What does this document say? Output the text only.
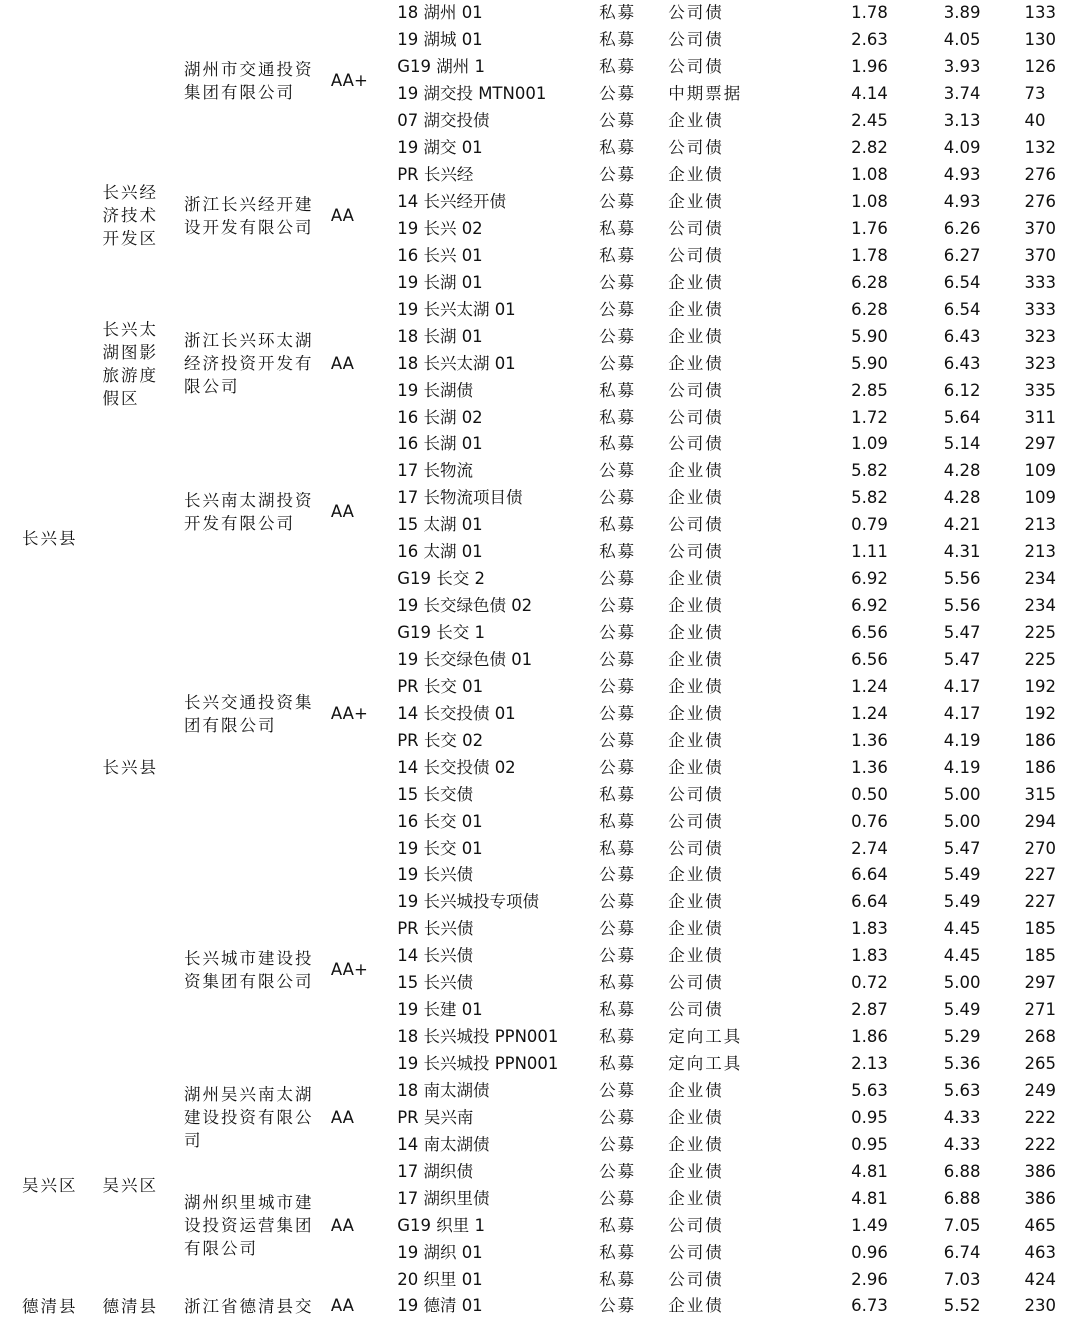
长兴县		湖州市交通投资集团有限公司	AA+	18 湖州 01	私募	公司债	1.78	3.89	133
				19 湖城 01	私募	公司债	2.63	4.05	130
				G19 湖州 1	私募	公司债	1.96	3.93	126
				19 湖交投 MTN001	公募	中期票据	4.14	3.74	73
				07 湖交投债	公募	企业债	2.45	3.13	40
				19 湖交 01	私募	公司债	2.82	4.09	132
	长兴经济技术开发区	浙江长兴经开建设开发有限公司	AA	PR 长兴经	公募	企业债	1.08	4.93	276
				14 长兴经开债	公募	企业债	1.08	4.93	276
				19 长兴 02	私募	公司债	1.76	6.26	370
				16 长兴 01	私募	公司债	1.78	6.27	370
	长兴太湖图影旅游度假区	浙江长兴环太湖经济投资开发有限公司	AA	19 长湖 01	公募	企业债	6.28	6.54	333
				19 长兴太湖 01	公募	企业债	6.28	6.54	333
				18 长湖 01	公募	企业债	5.90	6.43	323
				18 长兴太湖 01	公募	企业债	5.90	6.43	323
				19 长湖债	私募	公司债	2.85	6.12	335
				16 长湖 02	私募	公司债	1.72	5.64	311
				16 长湖 01	私募	公司债	1.09	5.14	297
	长兴县	长兴南太湖投资开发有限公司	AA	17 长物流	公募	企业债	5.82	4.28	109
				17 长物流项目债	公募	企业债	5.82	4.28	109
				15 太湖 01	私募	公司债	0.79	4.21	213
				16 太湖 01	私募	公司债	1.11	4.31	213
		长兴交通投资集团有限公司	AA+	G19 长交 2	公募	企业债	6.92	5.56	234
				19 长交绿色债 02	公募	企业债	6.92	5.56	234
				G19 长交 1	公募	企业债	6.56	5.47	225
				19 长交绿色债 01	公募	企业债	6.56	5.47	225
				PR 长交 01	公募	企业债	1.24	4.17	192
				14 长交投债 01	公募	企业债	1.24	4.17	192
				PR 长交 02	公募	企业债	1.36	4.19	186
				14 长交投债 02	公募	企业债	1.36	4.19	186
				15 长交债	私募	公司债	0.50	5.00	315
				16 长交 01	私募	公司债	0.76	5.00	294
				19 长交 01	私募	公司债	2.74	5.47	270
		长兴城市建设投资集团有限公司	AA+	19 长兴债	公募	企业债	6.64	5.49	227
				19 长兴城投专项债	公募	企业债	6.64	5.49	227
				PR 长兴债	公募	企业债	1.83	4.45	185
				14 长兴债	公募	企业债	1.83	4.45	185
				15 长兴债	私募	公司债	0.72	5.00	297
				19 长建 01	私募	公司债	2.87	5.49	271
				18 长兴城投 PPN001	私募	定向工具	1.86	5.29	268
				19 长兴城投 PPN001	私募	定向工具	2.13	5.36	265
吴兴区	吴兴区	湖州吴兴南太湖建设投资有限公司	AA	18 南太湖债	公募	企业债	5.63	5.63	249
				PR 吴兴南	公募	企业债	0.95	4.33	222
				14 南太湖债	公募	企业债	0.95	4.33	222
		湖州织里城市建设投资运营集团有限公司	AA	17 湖织债	公募	企业债	4.81	6.88	386
				17 湖织里债	公募	企业债	4.81	6.88	386
				G19 织里 1	私募	公司债	1.49	7.05	465
				19 湖织 01	私募	公司债	0.96	6.74	463
				20 织里 01	私募	公司债	2.96	7.03	424
德清县	德清县	浙江省德清县交	AA	19 德清 01	公募	企业债	6.73	5.52	230
